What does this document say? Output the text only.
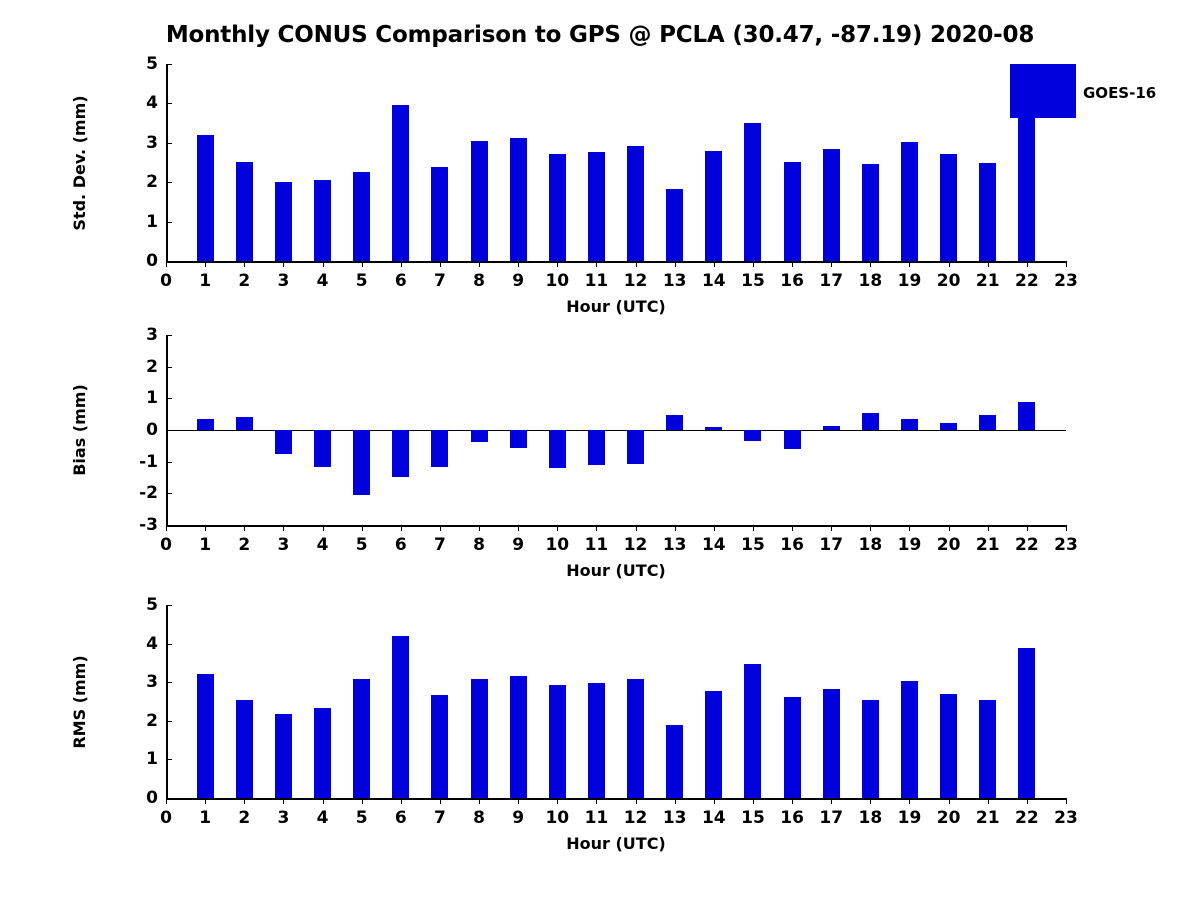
Monthly CONUS Comparison to GPS @ PCLA (30.47, -87.19) 2020-08
0
1
2
3
4
5
0	1	2	3	4	5	6	7	8	9	10 11 12 13 14 15 16 17 18 19 20 21 22 23
Hour (UTC)
Std. Dev. (mm)
-3
-2
-1
0
1
2
3
0	1	2	3	4	5	6	7	8	9	10 11 12 13 14 15 16 17 18 19 20 21 22 23
Hour (UTC)
Bias (mm)
0
1
2
3
4
5
0	1	2	3	4	5	6	7	8	9	10 11 12 13 14 15 16 17 18 19 20 21 22 23
Hour (UTC)
RMS (mm)
GOES-16
